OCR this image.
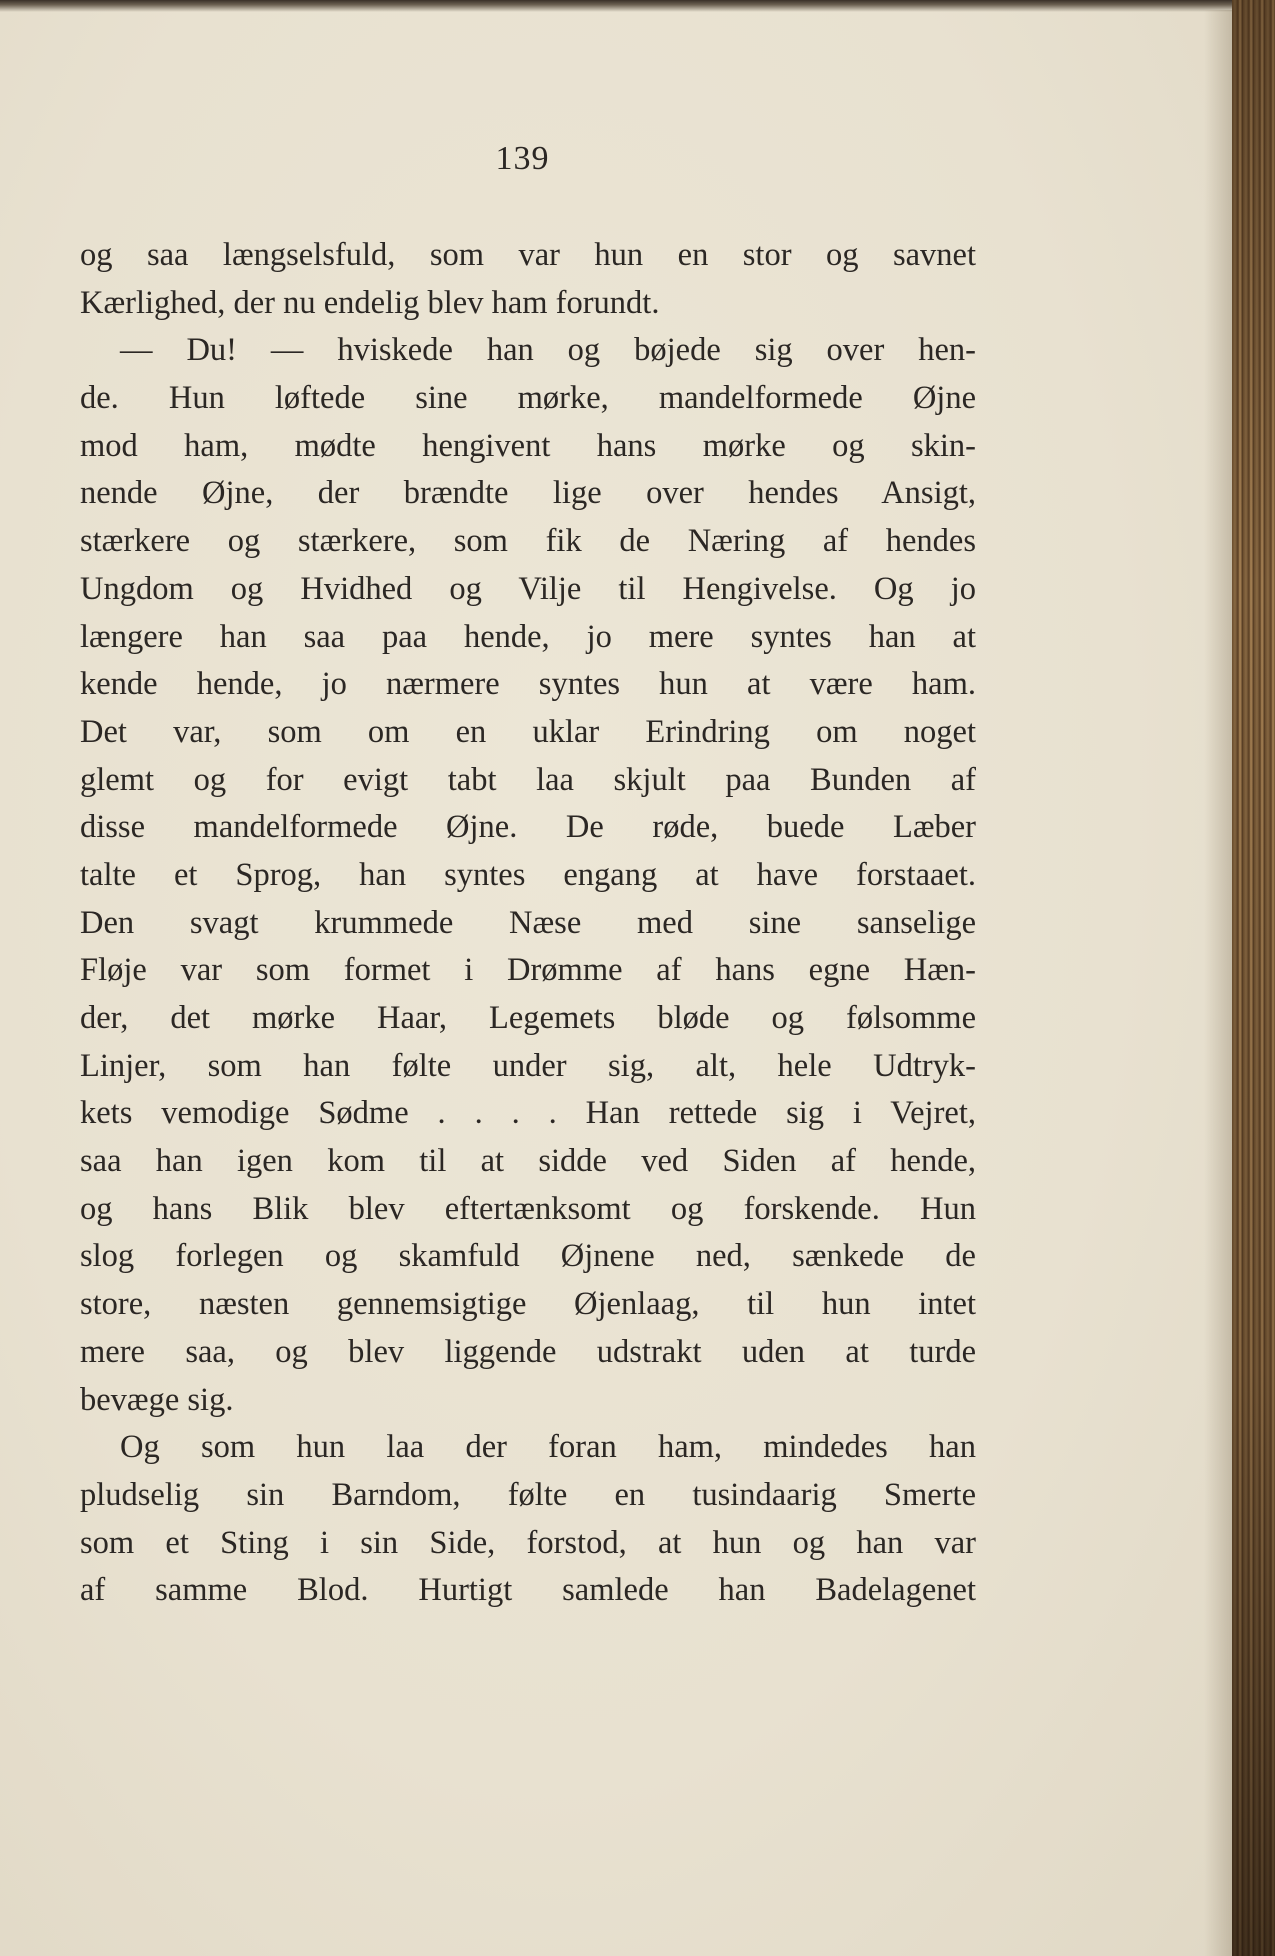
139
og saa længselsfuld, som var hun en stor og savnet
Kærlighed, der nu endelig blev ham forundt.
— Du! — hviskede han og bøjede sig over hen-
de. Hun løftede sine mørke, mandelformede Øjne
mod ham, mødte hengivent hans mørke og skin-
nende Øjne, der brændte lige over hendes Ansigt,
stærkere og stærkere, som fik de Næring af hendes
Ungdom og Hvidhed og Vilje til Hengivelse. Og jo
længere han saa paa hende, jo mere syntes han at
kende hende, jo nærmere syntes hun at være ham.
Det var, som om en uklar Erindring om noget
glemt og for evigt tabt laa skjult paa Bunden af
disse mandelformede Øjne. De røde, buede Læber
talte et Sprog, han syntes engang at have forstaaet.
Den svagt krummede Næse med sine sanselige
Fløje var som formet i Drømme af hans egne Hæn-
der, det mørke Haar, Legemets bløde og følsomme
Linjer, som han følte under sig, alt, hele Udtryk-
kets vemodige Sødme . . . . Han rettede sig i Vejret,
saa han igen kom til at sidde ved Siden af hende,
og hans Blik blev eftertænksomt og forskende. Hun
slog forlegen og skamfuld Øjnene ned, sænkede de
store, næsten gennemsigtige Øjenlaag, til hun intet
mere saa, og blev liggende udstrakt uden at turde
bevæge sig.
Og som hun laa der foran ham, mindedes han
pludselig sin Barndom, følte en tusindaarig Smerte
som et Sting i sin Side, forstod, at hun og han var
af samme Blod. Hurtigt samlede han Badelagenet
